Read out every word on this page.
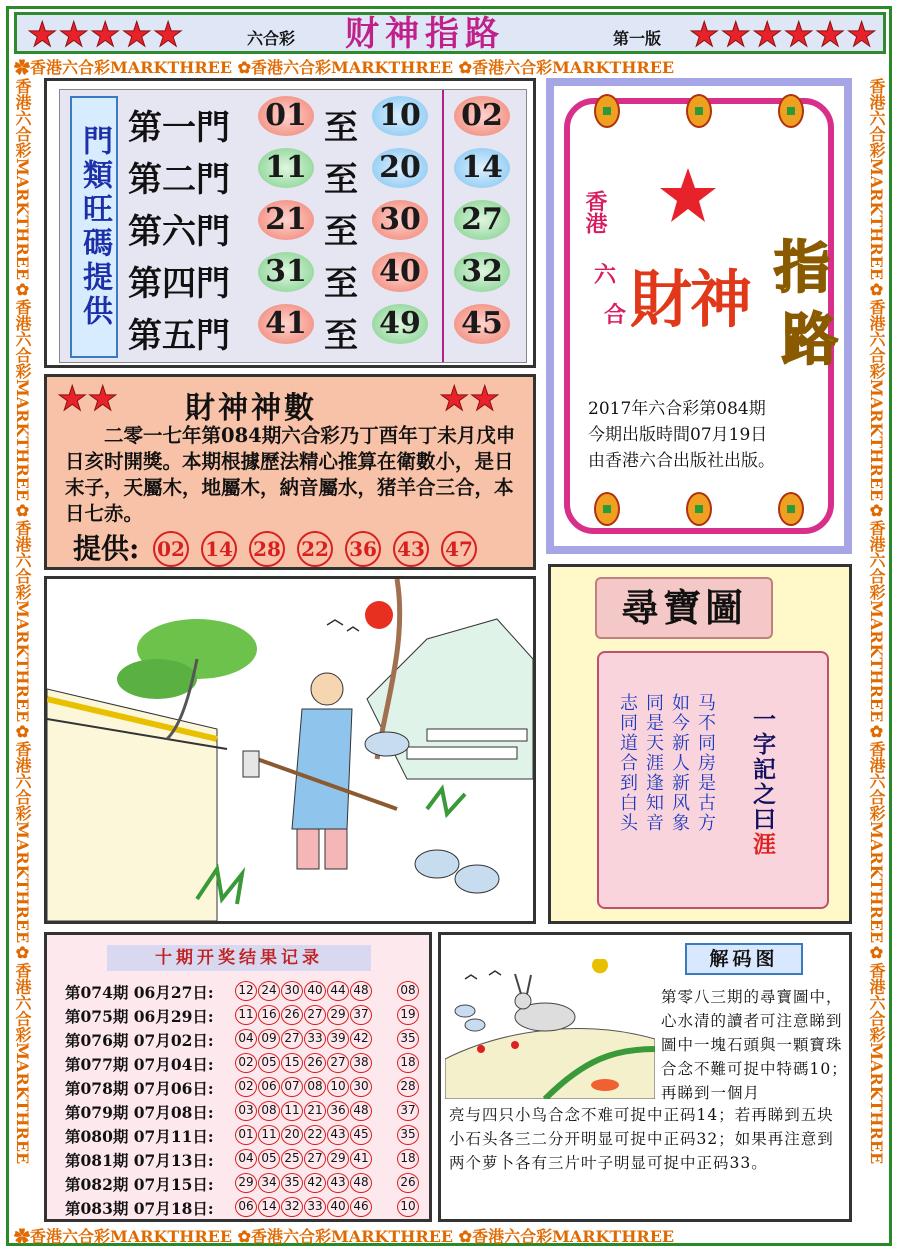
★★★★★	六合彩 财神指路	第一版 ★★★★★★
✿香港六合彩MARKTHREE ✿香港六合彩MARKTHREE ✿香港六合彩MARKTHREE
✿香港六合彩MARKTHREE ✿香港六合彩MARKTHREE ✿香港六合彩MARKTHREE
香港六合彩MARKTHREE✿香港六合彩MARKTHREE✿香港六合彩MARKTHREE✿香港六合彩MARKTHREE✿香港六合彩MARKTHREE
香港六合彩MARKTHREE✿香港六合彩MARKTHREE✿香港六合彩MARKTHREE✿香港六合彩MARKTHREE✿香港六合彩MARKTHREE
門類旺碼提供 第一門 01 至 10 02
第二門 11 至 20 14
第六門 21 至 30 27
第四門 31 至 40 32
第五門 41 至 49 45
香港
六
合 財神 指
路
2017年六合彩第084期
今期出版時間07月19日
由香港六合出版社出版。
★★ 財神神數	★★
二零一七年第084期六合彩乃丁酉年丁未月戊申日亥时開獎。本期根據歷法精心推算在衛數小，是日末子，天屬木，地屬木，納音屬水，猪羊合三合，本日七赤。
提供: 02 14 28 22 36 43 47
尋寶圖
马不同房是古方
如今新人新风象
同是天涯逢知音
志同道合到白头	一字記之曰涯
十期开奖结果记录
第074期 06月27日: 12 24 30 40 44 48	08
第075期 06月29日: 11 16 26 27 29 37	19
第076期 07月02日: 04 09 27 33 39 42	35
第077期 07月04日: 02 05 15 26 27 38	18
第078期 07月06日: 02 06 07 08 10 30	28
第079期 07月08日: 03 08 11 21 36 48	37
第080期 07月11日: 01 11 20 22 43 45	35
第081期 07月13日: 04 05 25 27 29 41	18
第082期 07月15日: 29 34 35 42 43 48	26
第083期 07月18日: 06 14 32 33 40 46	10
解码图
第零八三期的尋寶圖中，心水清的讀者可注意睇到圖中一塊石頭與一顆寶珠合念不難可捉中特碼10；再睇到一個月
亮与四只小鸟合念不难可捉中正码14；若再睇到五块小石头各三二分开明显可捉中正码32；如果再注意到两个萝卜各有三片叶子明显可捉中正码33。
